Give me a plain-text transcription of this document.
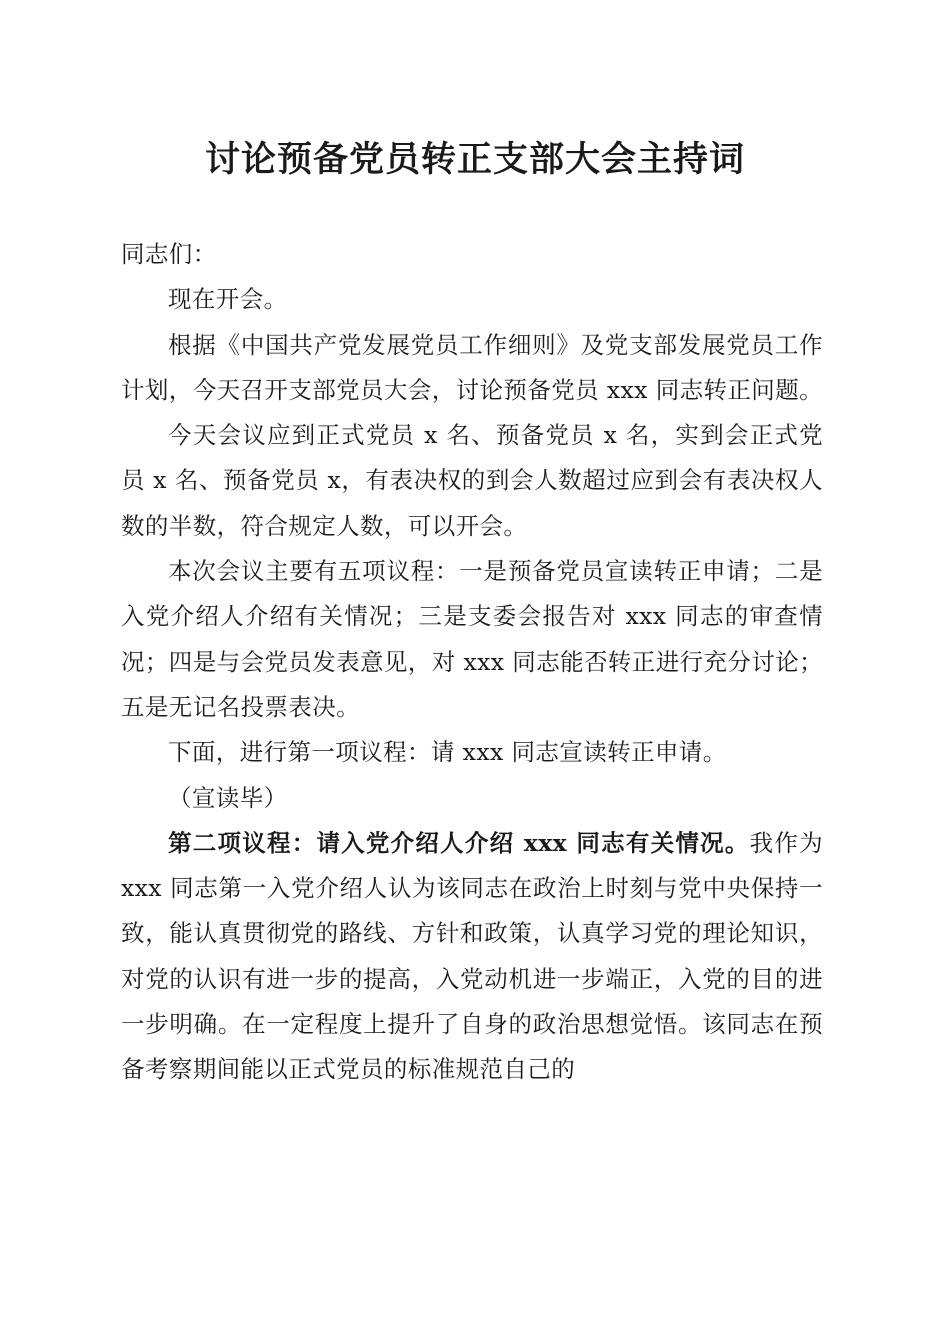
讨论预备党员转正支部大会主持词

同志们：

现在开会。

根据《中国共产党发展党员工作细则》及党支部发展党员工作计划，今天召开支部党员大会，讨论预备党员 xxx 同志转正问题。

今天会议应到正式党员 x 名、预备党员 x 名，实到会正式党员 x 名、预备党员 x，有表决权的到会人数超过应到会有表决权人数的半数，符合规定人数，可以开会。

本次会议主要有五项议程：一是预备党员宣读转正申请；二是入党介绍人介绍有关情况；三是支委会报告对 xxx 同志的审查情况；四是与会党员发表意见，对 xxx 同志能否转正进行充分讨论；五是无记名投票表决。

下面，进行第一项议程：请 xxx 同志宣读转正申请。

（宣读毕）

第二项议程：请入党介绍人介绍 xxx 同志有关情况。我作为 xxx 同志第一入党介绍人认为该同志在政治上时刻与党中央保持一致，能认真贯彻党的路线、方针和政策，认真学习党的理论知识，对党的认识有进一步的提高，入党动机进一步端正，入党的目的进一步明确。在一定程度上提升了自身的政治思想觉悟。该同志在预备考察期间能以正式党员的标准规范自己的
